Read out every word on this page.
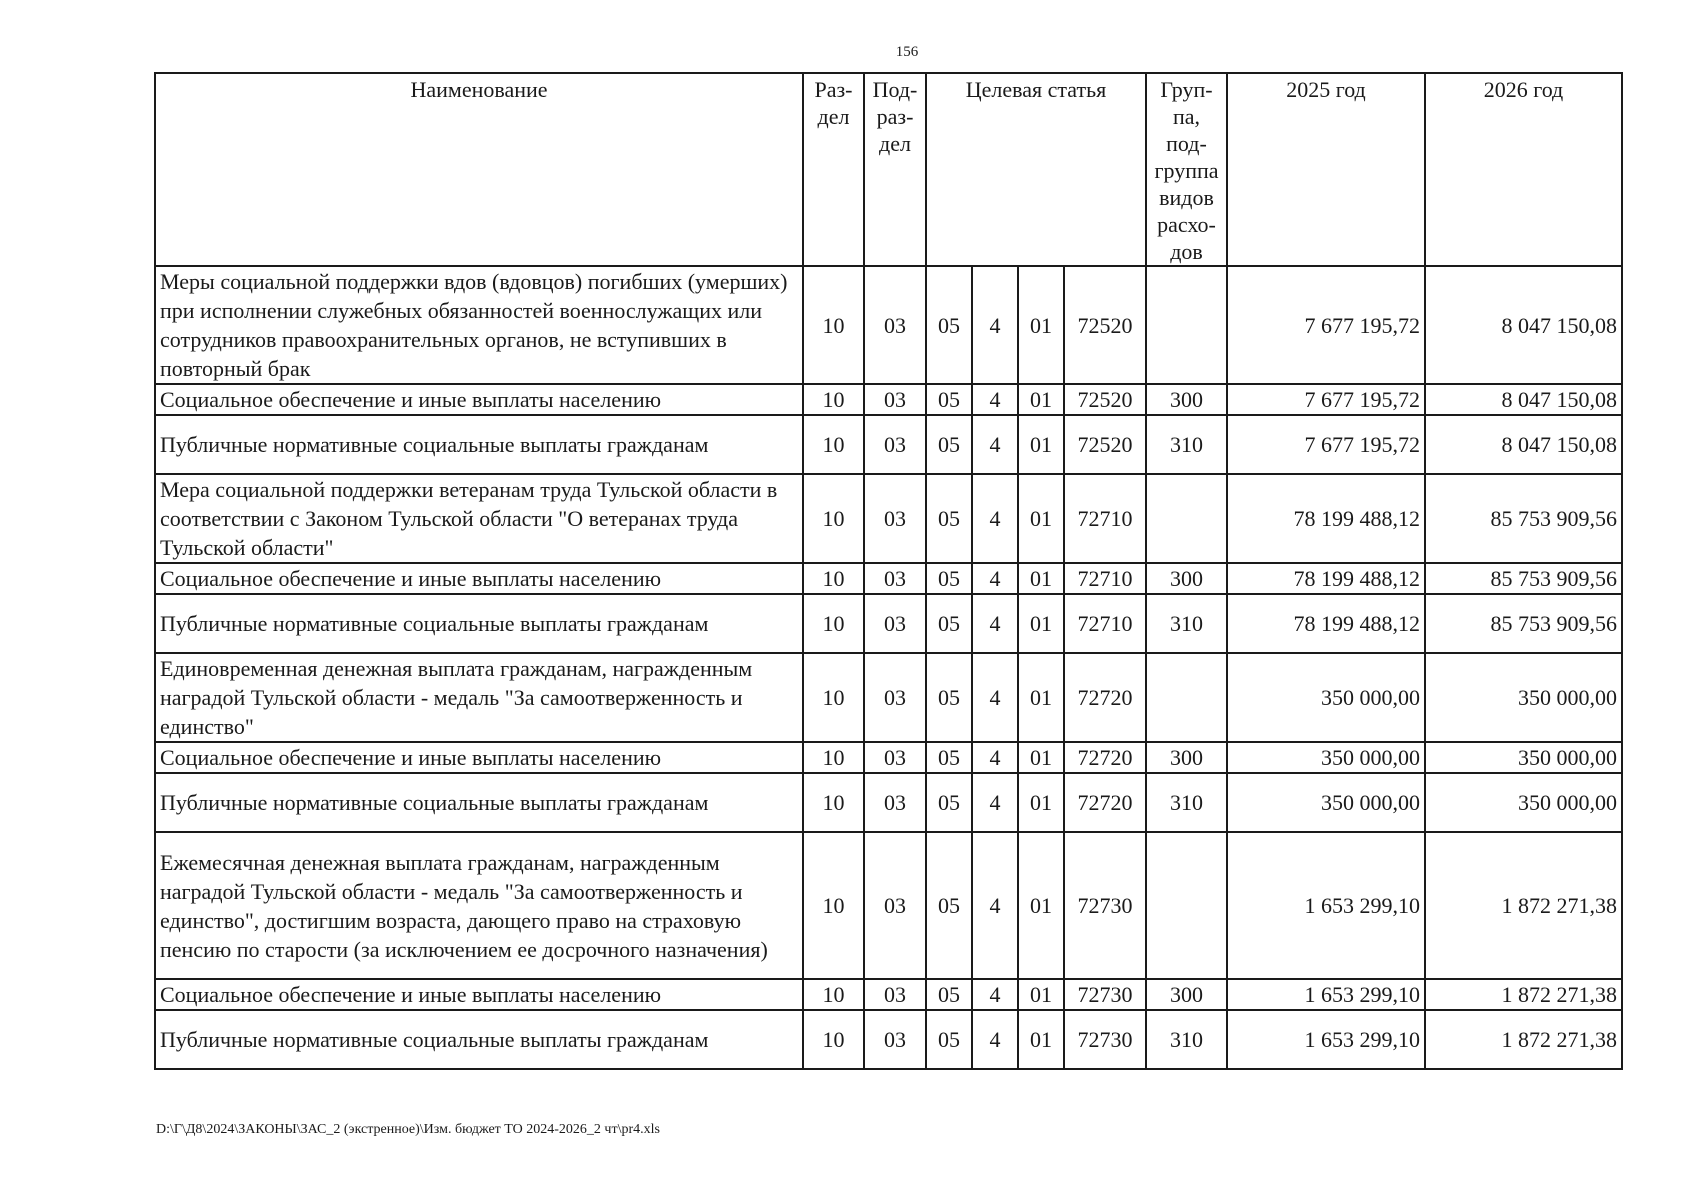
156
Наименование	Раз-дел	Под-раз-дел	Целевая статья				Груп-па, под-группа видов расхо-дов	2025 год	2026 год
Меры социальной поддержки вдов (вдовцов) погибших (умерших) при исполнении служебных обязанностей военнослужащих или сотрудников правоохранительных органов, не вступивших в повторный брак	10	03	05	4	01	72520		7 677 195,72	8 047 150,08
Социальное обеспечение и иные выплаты населению	10	03	05	4	01	72520	300	7 677 195,72	8 047 150,08
Публичные нормативные социальные выплаты гражданам	10	03	05	4	01	72520	310	7 677 195,72	8 047 150,08
Мера социальной поддержки ветеранам труда Тульской области в соответствии с Законом Тульской области "О ветеранах труда Тульской области"	10	03	05	4	01	72710		78 199 488,12	85 753 909,56
Социальное обеспечение и иные выплаты населению	10	03	05	4	01	72710	300	78 199 488,12	85 753 909,56
Публичные нормативные социальные выплаты гражданам	10	03	05	4	01	72710	310	78 199 488,12	85 753 909,56
Единовременная денежная выплата гражданам, награжденным наградой Тульской области - медаль "За самоотверженность и единство"	10	03	05	4	01	72720		350 000,00	350 000,00
Социальное обеспечение и иные выплаты населению	10	03	05	4	01	72720	300	350 000,00	350 000,00
Публичные нормативные социальные выплаты гражданам	10	03	05	4	01	72720	310	350 000,00	350 000,00
Ежемесячная денежная выплата гражданам, награжденным наградой Тульской области - медаль "За самоотверженность и единство", достигшим возраста, дающего право на страховую пенсию по старости (за исключением ее досрочного назначения)	10	03	05	4	01	72730		1 653 299,10	1 872 271,38
Социальное обеспечение и иные выплаты населению	10	03	05	4	01	72730	300	1 653 299,10	1 872 271,38
Публичные нормативные социальные выплаты гражданам	10	03	05	4	01	72730	310	1 653 299,10	1 872 271,38
D:\Г\Д8\2024\ЗАКОНЫ\ЗАС_2 (экстренное)\Изм. бюджет ТО 2024-2026_2 чт\pr4.xls
